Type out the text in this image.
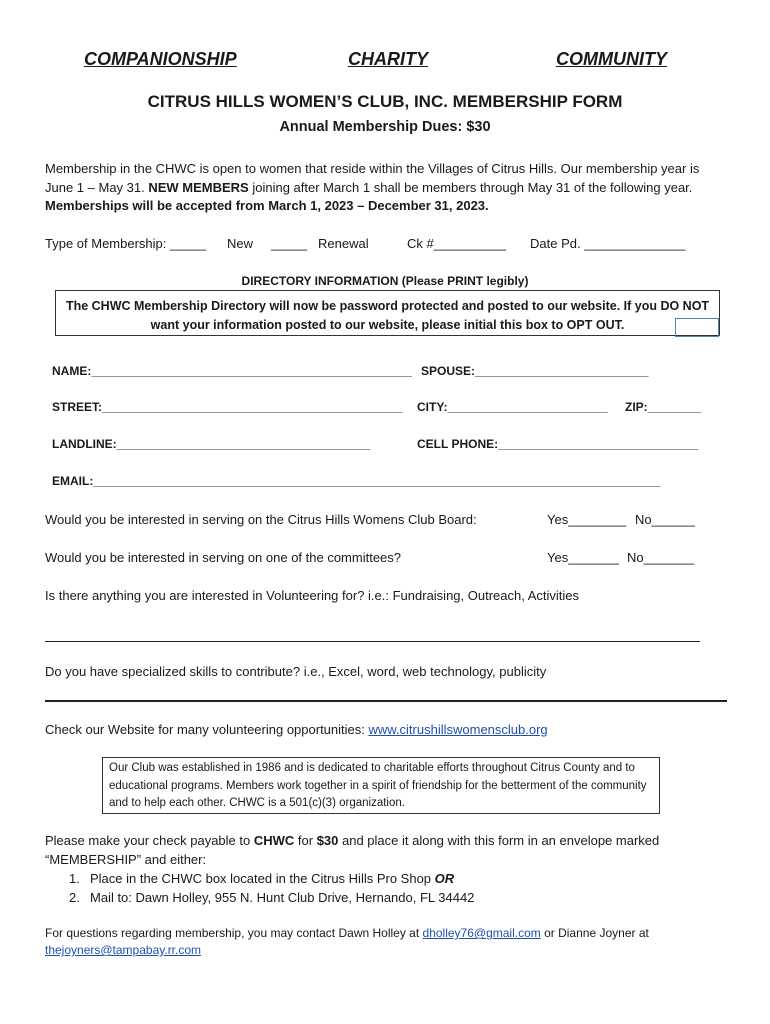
COMPANIONSHIP	CHARITY	COMMUNITY
CITRUS HILLS WOMEN’S CLUB, INC. MEMBERSHIP FORM
Annual Membership Dues: $30
Membership in the CHWC is open to women that reside within the Villages of Citrus Hills. Our membership year is June 1 – May 31. NEW MEMBERS joining after March 1 shall be members through May 31 of the following year. Memberships will be accepted from March 1, 2023 – December 31, 2023.
Type of Membership: _____ New _____ Renewal	Ck #__________ Date Pd. ______________
DIRECTORY INFORMATION (Please PRINT legibly)
The CHWC Membership Directory will now be password protected and posted to our website. If you DO NOT want your information posted to our website, please initial this box to OPT OUT.
NAME:________________________________________________ SPOUSE:__________________________
STREET:_____________________________________________ CITY:________________________ ZIP:________
LANDLINE:______________________________________	CELL PHONE:______________________________
EMAIL:_____________________________________________________________________________________
Would you be interested in serving on the Citrus Hills Womens Club Board:	Yes________ No______
Would you be interested in serving on one of the committees?	Yes_______ No_______
Is there anything you are interested in Volunteering for? i.e.: Fundraising, Outreach, Activities
Do you have specialized skills to contribute? i.e., Excel, word, web technology, publicity
Check our Website for many volunteering opportunities: www.citrushillswomensclub.org
Our Club was established in 1986 and is dedicated to charitable efforts throughout Citrus County and to educational programs. Members work together in a spirit of friendship for the betterment of the community and to help each other. CHWC is a 501(c)(3) organization.
Please make your check payable to CHWC for $30 and place it along with this form in an envelope marked “MEMBERSHIP” and either:
1. Place in the CHWC box located in the Citrus Hills Pro Shop OR
2. Mail to: Dawn Holley, 955 N. Hunt Club Drive, Hernando, FL 34442
For questions regarding membership, you may contact Dawn Holley at dholley76@gmail.com or Dianne Joyner at thejoyners@tampabay.rr.com
